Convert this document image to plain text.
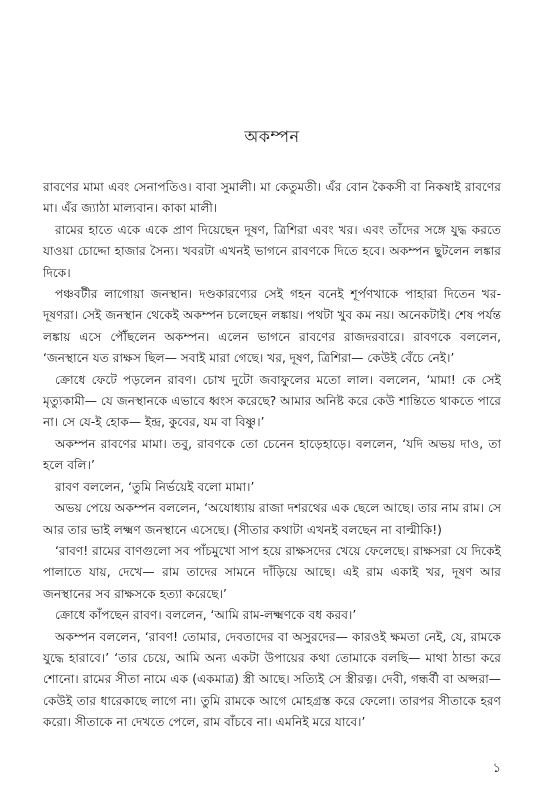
অকম্পন

রাবণের মামা এবং সেনাপতিও। বাবা সুমালী। মা কেতুমতী। এঁর বোন কৈকসী বা নিকষাই রাবণের মা। এঁর জ্যাঠা মাল্যবান। কাকা মালী।

রামের হাতে একে একে প্রাণ দিয়েছেন দূষণ, ত্রিশিরা এবং খর। এবং তাঁদের সঙ্গে যুদ্ধ করতে যাওয়া চোদ্দো হাজার সৈন্য। খবরটা এখনই ভাগনে রাবণকে দিতে হবে। অকম্পন ছুটলেন লঙ্কার দিকে।

পঞ্চবটীর লাগোয়া জনস্থান। দণ্ডকারণ্যের সেই গহন বনেই শূর্পণখাকে পাহারা দিতেন খর-দূষণরা। সেই জনস্থান থেকেই অকম্পন চলেছেন লঙ্কায়। পথটা খুব কম নয়। অনেকটাই। শেষ পর্যন্ত লঙ্কায় এসে পৌঁছলেন অকম্পন। এলেন ভাগনে রাবণের রাজদরবারে। রাবণকে বললেন, ‘জনস্থানে যত রাক্ষস ছিল— সবাই মারা গেছে। খর, দূষণ, ত্রিশিরা— কেউই বেঁচে নেই।’

ক্রোধে ফেটে পড়লেন রাবণ। চোখ দুটো জবাফুলের মতো লাল। বললেন, ‘মামা! কে সেই মৃত্যুকামী— যে জনস্থানকে এভাবে ধ্বংস করেছে? আমার অনিষ্ট করে কেউ শান্তিতে থাকতে পারে না। সে যে-ই হোক— ইন্দ্র, কুবের, যম বা বিষ্ণু।’

অকম্পন রাবণের মামা। তবু, রাবণকে তো চেনেন হাড়েহাড়ে। বললেন, ‘যদি অভয় দাও, তা হলে বলি।’

রাবণ বললেন, ‘তুমি নির্ভয়েই বলো মামা।’

অভয় পেয়ে অকম্পন বললেন, ‘অযোধ্যায় রাজা দশরথের এক ছেলে আছে। তার নাম রাম। সে আর তার ভাই লক্ষ্মণ জনস্থানে এসেছে। (সীতার কথাটা এখনই বলছেন না বাল্মীকি!)

‘রাবণ! রামের বাণগুলো সব পাঁচমুখো সাপ হয়ে রাক্ষসদের খেয়ে ফেলেছে। রাক্ষসরা যে দিকেই পালাতে যায়, দেখে— রাম তাদের সামনে দাঁড়িয়ে আছে। এই রাম একাই খর, দূষণ আর জনস্থানের সব রাক্ষসকে হত্যা করেছে।’

ক্রোধে কাঁপছেন রাবণ। বললেন, ‘আমি রাম-লক্ষ্মণকে বধ করব।’

অকম্পন বললেন, ‘রাবণ! তোমার, দেবতাদের বা অসুরদের— কারওই ক্ষমতা নেই, যে, রামকে যুদ্ধে হারাবে।’ ‘তার চেয়ে, আমি অন্য একটা উপায়ের কথা তোমাকে বলছি— মাথা ঠান্ডা করে শোনো। রামের সীতা নামে এক (একমাত্র) স্ত্রী আছে। সত্যিই সে স্ত্রীরত্ন। দেবী, গন্ধর্বী বা অপ্সরা— কেউই তার ধারেকাছে লাগে না। তুমি রামকে আগে মোহগ্রস্ত করে ফেলো। তারপর সীতাকে হরণ করো। সীতাকে না দেখতে পেলে, রাম বাঁচবে না। এমনিই মরে যাবে।’

১
